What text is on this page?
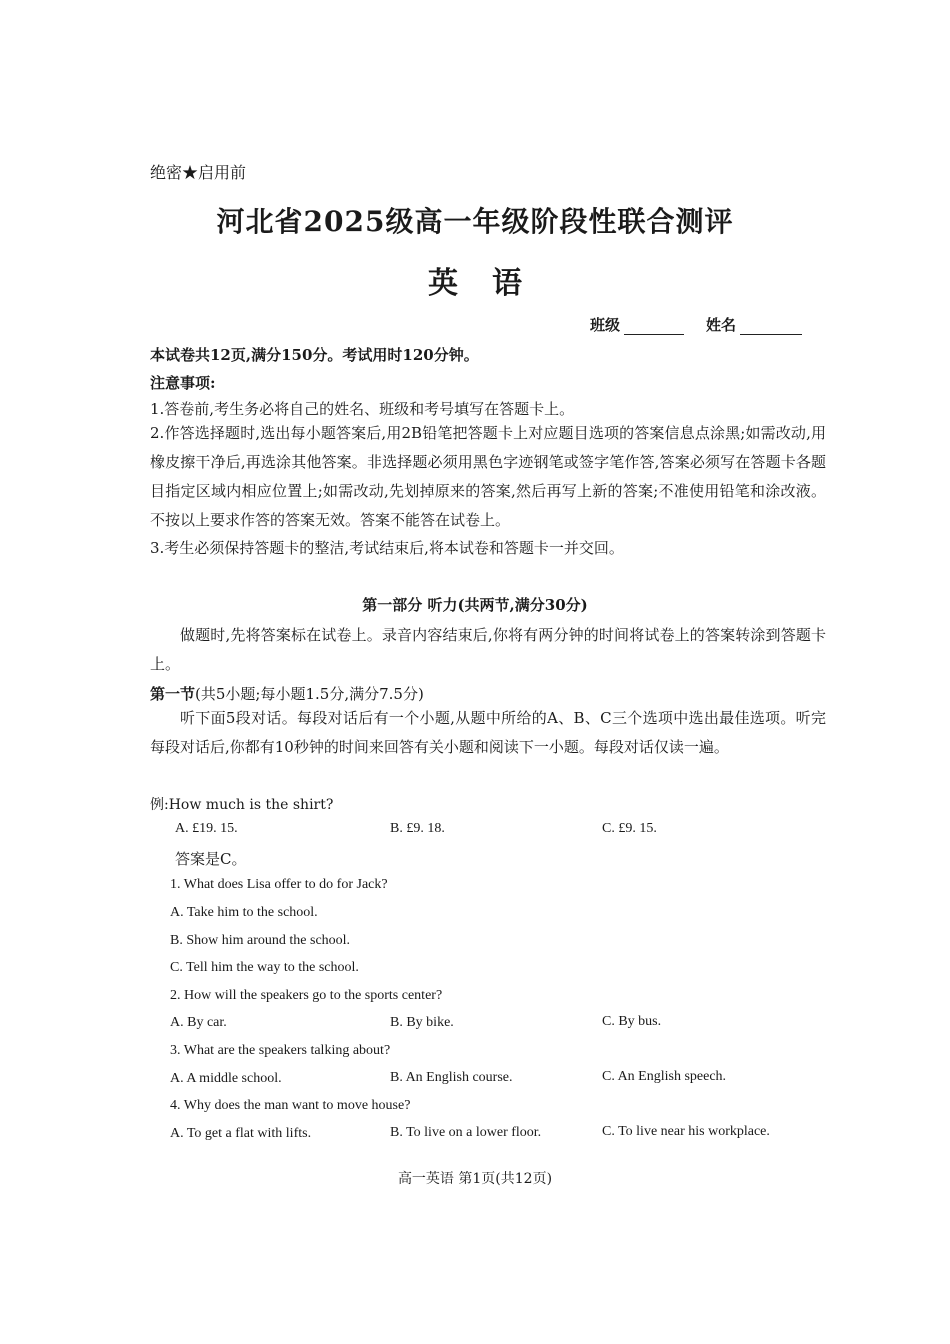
绝密★启用前
河北省2025级高一年级阶段性联合测评
英语
班级	姓名
本试卷共12页,满分150分。考试用时120分钟。
注意事项:
1.答卷前,考生务必将自己的姓名、班级和考号填写在答题卡上。
2.作答选择题时,选出每小题答案后,用2B铅笔把答题卡上对应题目选项的答案信息点涂黑;如需改动,用橡皮擦干净后,再选涂其他答案。非选择题必须用黑色字迹钢笔或签字笔作答,答案必须写在答题卡各题目指定区域内相应位置上;如需改动,先划掉原来的答案,然后再写上新的答案;不准使用铅笔和涂改液。不按以上要求作答的答案无效。答案不能答在试卷上。
3.考生必须保持答题卡的整洁,考试结束后,将本试卷和答题卡一并交回。
第一部分 听力(共两节,满分30分)
做题时,先将答案标在试卷上。录音内容结束后,你将有两分钟的时间将试卷上的答案转涂到答题卡上。
第一节(共5小题;每小题1.5分,满分7.5分)
听下面5段对话。每段对话后有一个小题,从题中所给的A、B、C三个选项中选出最佳选项。听完每段对话后,你都有10秒钟的时间来回答有关小题和阅读下一小题。每段对话仅读一遍。
例:How much is the shirt?
A. £19. 15.	B. £9. 18.	C. £9. 15.
答案是C。
1. What does Lisa offer to do for Jack?
A. Take him to the school.
B. Show him around the school.
C. Tell him the way to the school.
2. How will the speakers go to the sports center?
A. By car.	B. By bike.	C. By bus.
3. What are the speakers talking about?
A. A middle school.	B. An English course.	C. An English speech.
4. Why does the man want to move house?
A. To get a flat with lifts.	B. To live on a lower floor.	C. To live near his workplace.
高一英语 第1页(共12页)
